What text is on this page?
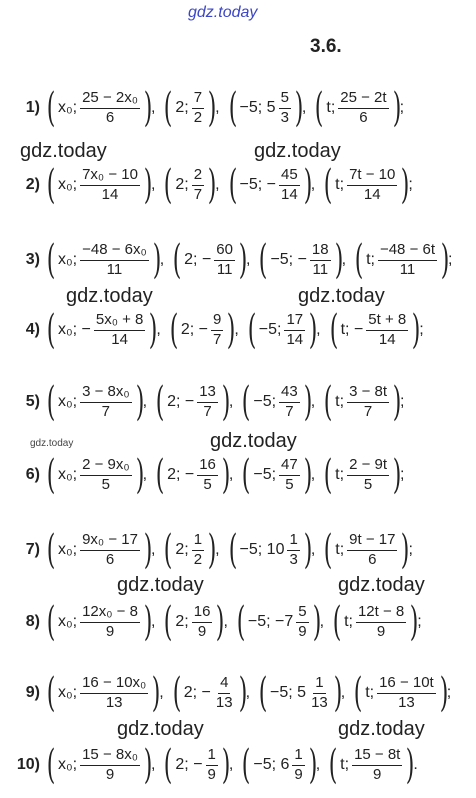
gdz.today
3.6.
gdz.today	gdz.today
gdz.today	gdz.today
gdz.today	gdz.today
gdz.today	gdz.today
gdz.today	gdz.today
1) ( x₀; $\frac{\text{25 − 2x₀}}{6}$ )
, ( 2; $\frac{7}{2}$ )
, ( −5; $5 \frac{5}{3}$ )
, ( t; $\frac{25 - 2t}{6}$ )
;
2) ( x₀; $\frac{\text{7x₀ − 10}}{14}$ )
, ( 2; $\frac{2}{7}$ )
, ( −5; − $\frac{45}{14}$ )
, ( t; $\frac{7t - 10}{14}$ )
;
3) ( x₀; $\frac{\text{−48 − 6x₀}}{11}$ )
, ( 2; − $\frac{60}{11}$ )
, ( −5; − $\frac{18}{11}$ )
, ( t; $\frac{-48 - 6t}{11}$ )
;
4) ( x₀; − $\frac{\text{5x₀ + 8}}{14}$ )
, ( 2; − $\frac{9}{7}$ )
, ( −5; $\frac{17}{14}$ )
, ( t; − $\frac{5t + 8}{14}$ )
;
5) ( x₀; $\frac{\text{3 − 8x₀}}{7}$ )
, ( 2; − $\frac{13}{7}$ )
, ( −5; $\frac{43}{7}$ )
, ( t; $\frac{3 - 8t}{7}$ )
;
6) ( x₀; $\frac{\text{2 − 9x₀}}{5}$ )
, ( 2; − $\frac{16}{5}$ )
, ( −5; $\frac{47}{5}$ )
, ( t; $\frac{2 - 9t}{5}$ )
;
7) ( x₀; $\frac{\text{9x₀ − 17}}{6}$ )
, ( 2; $\frac{1}{2}$ )
, ( −5; $10 \frac{1}{3}$ )
, ( t; $\frac{9t - 17}{6}$ )
;
8) ( x₀; $\frac{\text{12x₀ − 8}}{9}$ )
, ( 2; $\frac{16}{9}$ )
, ( −5; $-7 \frac{5}{9}$ )
, ( t; $\frac{12t - 8}{9}$ )
;
9) ( x₀; $\frac{\text{16 − 10x₀}}{13}$ )
, ( 2; − $\frac{4}{13}$ )
, ( −5; $5 \frac{1}{13}$ )
, ( t; $\frac{16 - 10t}{13}$ )
;
10) ( x₀; $\frac{\text{15 − 8x₀}}{9}$ )
, ( 2; − $\frac{1}{9}$ )
, ( −5; $6 \frac{1}{9}$ )
, ( t; $\frac{15 - 8t}{9}$ )
.
